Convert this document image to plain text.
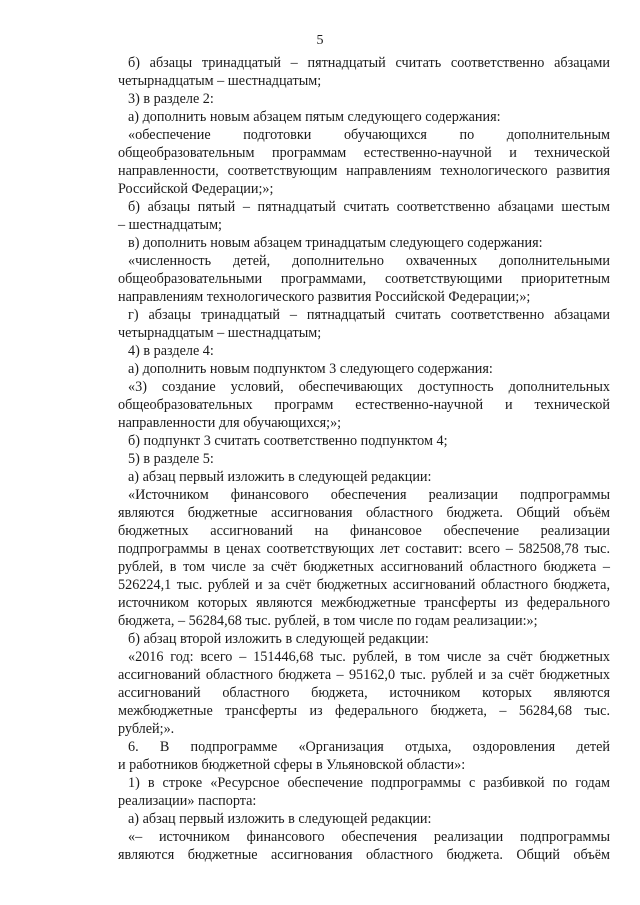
5
б) абзацы тринадцатый – пятнадцатый считать соответственно абзацами
четырнадцатым – шестнадцатым;
3) в разделе 2:
а) дополнить новым абзацем пятым следующего содержания:
«обеспечение подготовки обучающихся по дополнительным
общеобразовательным программам естественно-научной и технической
направленности, соответствующим направлениям технологического развития
Российской Федерации;»;
б) абзацы пятый – пятнадцатый считать соответственно абзацами шестым
– шестнадцатым;
в) дополнить новым абзацем тринадцатым следующего содержания:
«численность детей, дополнительно охваченных дополнительными
общеобразовательными программами, соответствующими приоритетным
направлениям технологического развития Российской Федерации;»;
г) абзацы тринадцатый – пятнадцатый считать соответственно абзацами
четырнадцатым – шестнадцатым;
4) в разделе 4:
а) дополнить новым подпунктом 3 следующего содержания:
«3) создание условий, обеспечивающих доступность дополнительных
общеобразовательных программ естественно-научной и технической
направленности для обучающихся;»;
б) подпункт 3 считать соответственно подпунктом 4;
5) в разделе 5:
а) абзац первый изложить в следующей редакции:
«Источником финансового обеспечения реализации подпрограммы
являются бюджетные ассигнования областного бюджета. Общий объём
бюджетных ассигнований на финансовое обеспечение реализации
подпрограммы в ценах соответствующих лет составит: всего – 582508,78 тыс.
рублей, в том числе за счёт бюджетных ассигнований областного бюджета –
526224,1 тыс. рублей и за счёт бюджетных ассигнований областного бюджета,
источником которых являются межбюджетные трансферты из федерального
бюджета, – 56284,68 тыс. рублей, в том числе по годам реализации:»;
б) абзац второй изложить в следующей редакции:
«2016 год: всего – 151446,68 тыс. рублей, в том числе за счёт бюджетных
ассигнований областного бюджета – 95162,0 тыс. рублей и за счёт бюджетных
ассигнований областного бюджета, источником которых являются
межбюджетные трансферты из федерального бюджета, – 56284,68 тыс.
рублей;».
6. В подпрограмме «Организация отдыха, оздоровления детей
и работников бюджетной сферы в Ульяновской области»:
1) в строке «Ресурсное обеспечение подпрограммы с разбивкой по годам
реализации» паспорта:
а) абзац первый изложить в следующей редакции:
«– источником финансового обеспечения реализации подпрограммы
являются бюджетные ассигнования областного бюджета. Общий объём
